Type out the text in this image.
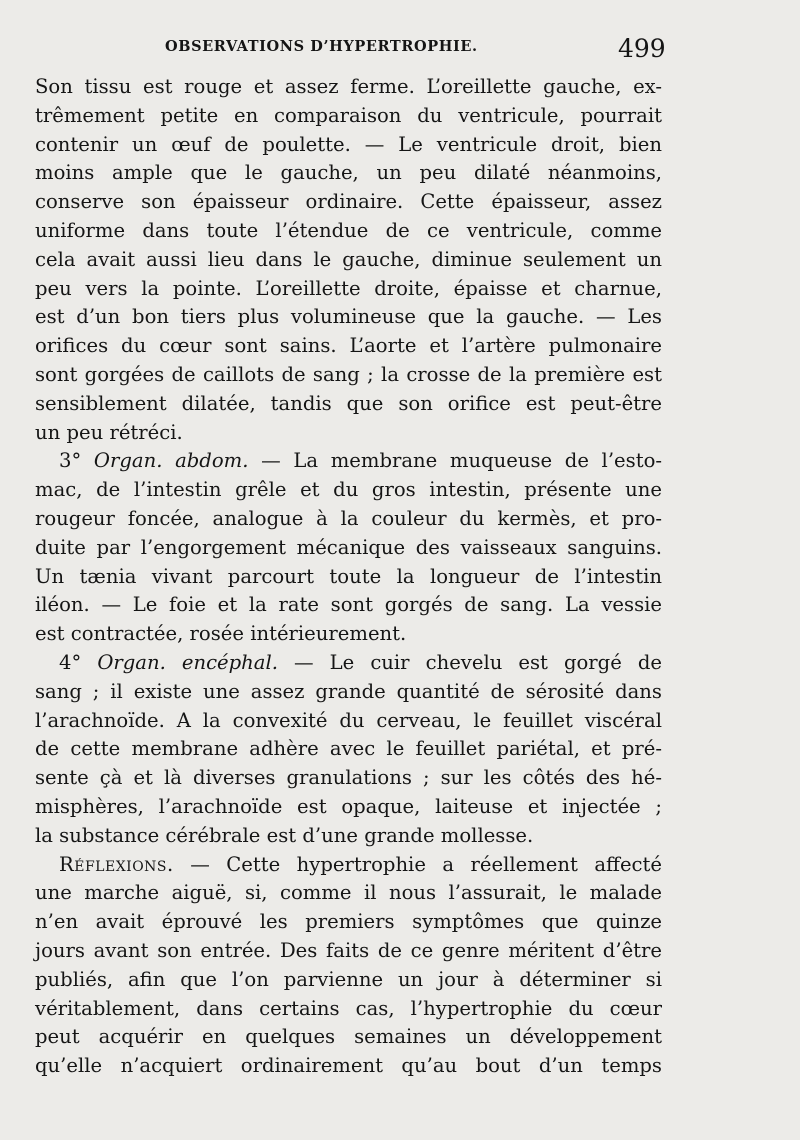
OBSERVATIONS D’HYPERTROPHIE.	499
Son tissu est rouge et assez ferme. L’oreillette gauche, ex-
trêmement petite en comparaison du ventricule, pourrait
contenir un œuf de poulette. — Le ventricule droit, bien
moins ample que le gauche, un peu dilaté néanmoins,
conserve son épaisseur ordinaire. Cette épaisseur, assez
uniforme dans toute l’étendue de ce ventricule, comme
cela avait aussi lieu dans le gauche, diminue seulement un
peu vers la pointe. L’oreillette droite, épaisse et charnue,
est d’un bon tiers plus volumineuse que la gauche. — Les
orifices du cœur sont sains. L’aorte et l’artère pulmonaire
sont gorgées de caillots de sang ; la crosse de la première est
sensiblement dilatée, tandis que son orifice est peut-être
un peu rétréci.
3° Organ. abdom. — La membrane muqueuse de l’esto-
mac, de l’intestin grêle et du gros intestin, présente une
rougeur foncée, analogue à la couleur du kermès, et pro-
duite par l’engorgement mécanique des vaisseaux sanguins.
Un tænia vivant parcourt toute la longueur de l’intestin
iléon. — Le foie et la rate sont gorgés de sang. La vessie
est contractée, rosée intérieurement.
4° Organ. encéphal. — Le cuir chevelu est gorgé de
sang ; il existe une assez grande quantité de sérosité dans
l’arachnoïde. A la convexité du cerveau, le feuillet viscéral
de cette membrane adhère avec le feuillet pariétal, et pré-
sente çà et là diverses granulations ; sur les côtés des hé-
misphères, l’arachnoïde est opaque, laiteuse et injectée ;
la substance cérébrale est d’une grande mollesse.
Réflexions. — Cette hypertrophie a réellement affecté
une marche aiguë, si, comme il nous l’assurait, le malade
n’en avait éprouvé les premiers symptômes que quinze
jours avant son entrée. Des faits de ce genre méritent d’être
publiés, afin que l’on parvienne un jour à déterminer si
véritablement, dans certains cas, l’hypertrophie du cœur
peut acquérir en quelques semaines un développement
qu’elle n’acquiert ordinairement qu’au bout d’un temps
